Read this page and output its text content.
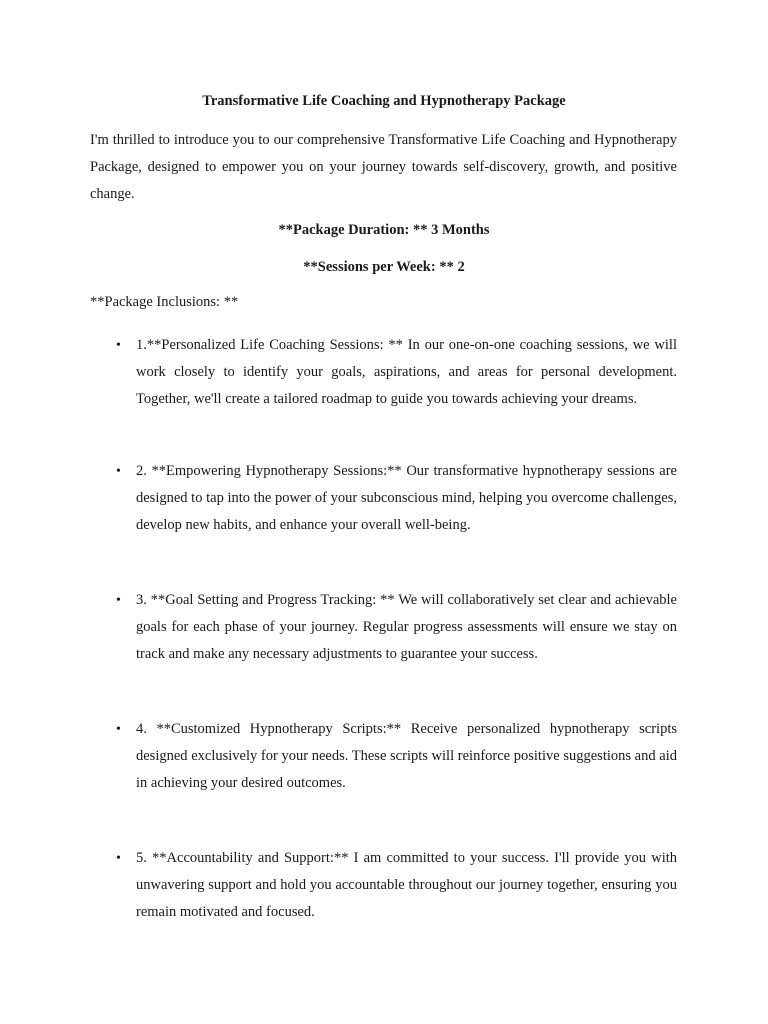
Transformative Life Coaching and Hypnotherapy Package

I'm thrilled to introduce you to our comprehensive Transformative Life Coaching and Hypnotherapy Package, designed to empower you on your journey towards self-discovery, growth, and positive change.

**Package Duration: ** 3 Months
**Sessions per Week: ** 2
**Package Inclusions: **
• 1.**Personalized Life Coaching Sessions: ** In our one-on-one coaching sessions, we will work closely to identify your goals, aspirations, and areas for personal development. Together, we'll create a tailored roadmap to guide you towards achieving your dreams.

• 2. **Empowering Hypnotherapy Sessions:** Our transformative hypnotherapy sessions are designed to tap into the power of your subconscious mind, helping you overcome challenges, develop new habits, and enhance your overall well-being.

• 3. **Goal Setting and Progress Tracking: ** We will collaboratively set clear and achievable goals for each phase of your journey. Regular progress assessments will ensure we stay on track and make any necessary adjustments to guarantee your success.

• 4. **Customized Hypnotherapy Scripts:** Receive personalized hypnotherapy scripts designed exclusively for your needs. These scripts will reinforce positive suggestions and aid in achieving your desired outcomes.

• 5. **Accountability and Support:** I am committed to your success. I'll provide you with unwavering support and hold you accountable throughout our journey together, ensuring you remain motivated and focused.
